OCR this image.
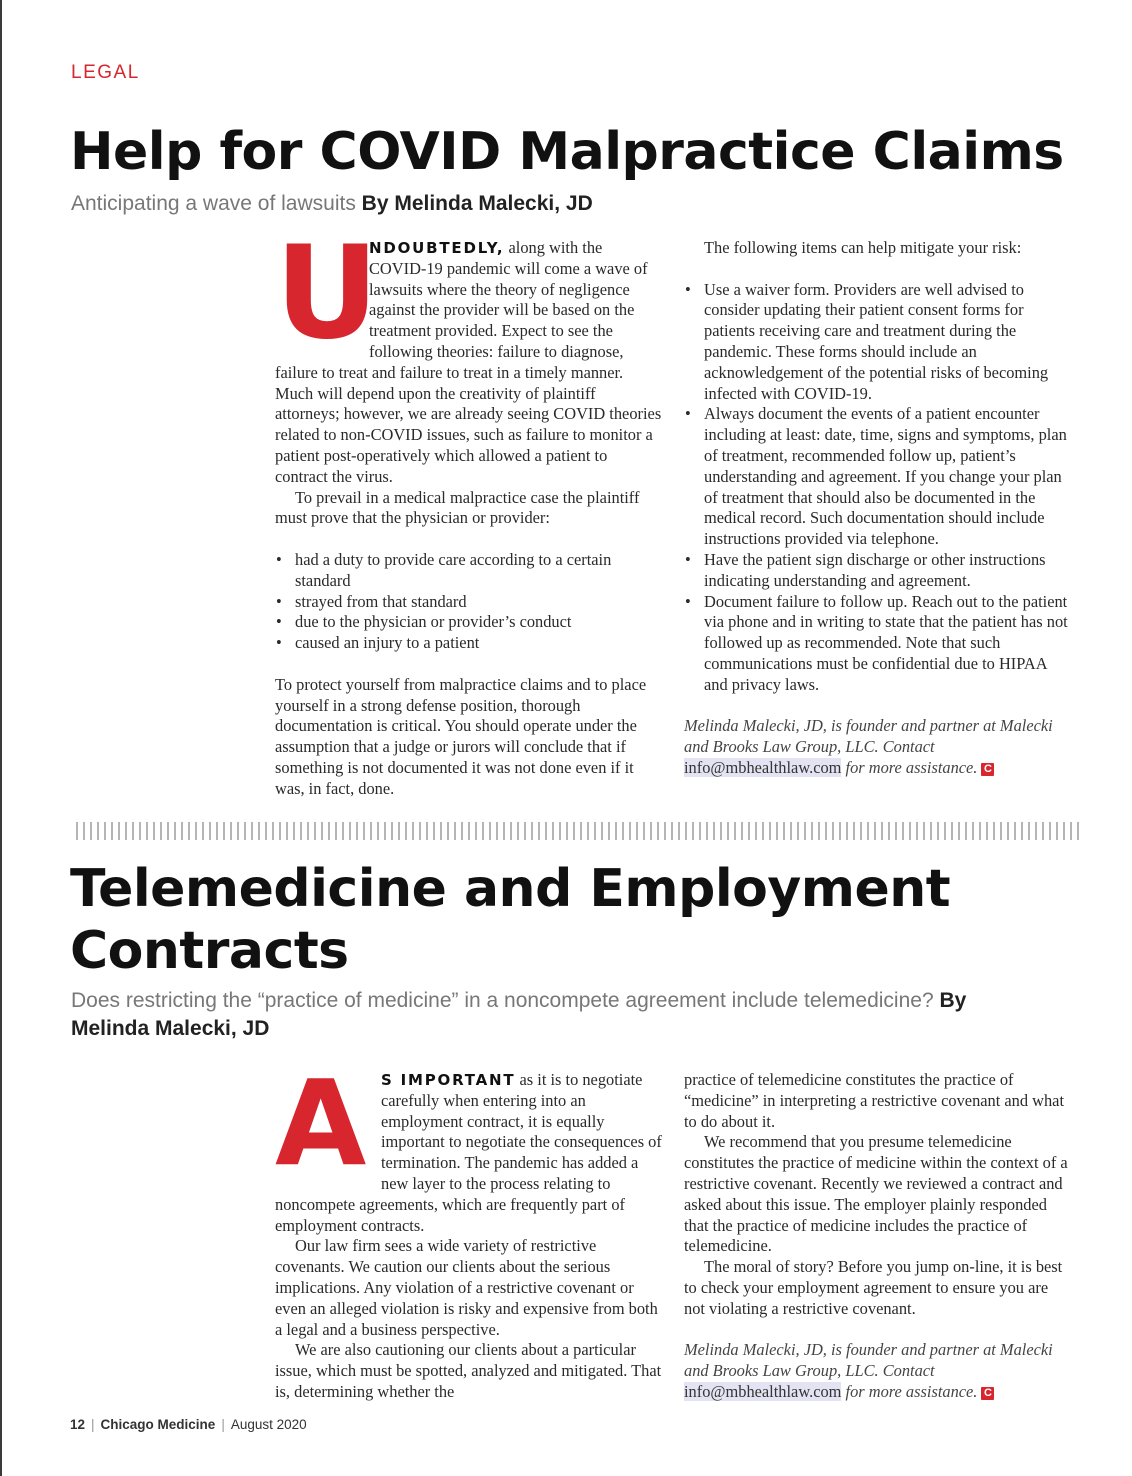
LEGAL
Help for COVID Malpractice Claims
Anticipating a wave of lawsuits By Melinda Malecki, JD

U
NDOUBTEDLY, along with the COVID-19 pandemic will come a wave of lawsuits where the theory of negligence against the provider will be based on the treatment provided. Expect to see the following theories: failure to diagnose, failure to treat and failure to treat in a timely manner. Much will depend upon the creativity of plaintiff attorneys; however, we are already seeing COVID theories related to non-COVID issues, such as failure to monitor a patient post-operatively which allowed a patient to contract the virus.

To prevail in a medical malpractice case the plaintiff must prove that the physician or provider:

• had a duty to provide care according to a certain standard
• strayed from that standard
• due to the physician or provider’s conduct
• caused an injury to a patient

To protect yourself from malpractice claims and to place yourself in a strong defense position, thorough documentation is critical. You should operate under the assumption that a judge or jurors will conclude that if something is not documented it was not done even if it was, in fact, done.

The following items can help mitigate your risk:

• Use a waiver form. Providers are well advised to consider updating their patient consent forms for patients receiving care and treatment during the pandemic. These forms should include an acknowledgement of the potential risks of becoming infected with COVID-19.
• Always document the events of a patient encounter including at least: date, time, signs and symptoms, plan of treatment, recommended follow up, patient’s understanding and agreement. If you change your plan of treatment that should also be documented in the medical record. Such documentation should include instructions provided via telephone.
• Have the patient sign discharge or other instructions indicating understanding and agreement.
• Document failure to follow up. Reach out to the patient via phone and in writing to state that the patient has not followed up as recommended. Note that such communications must be confidential due to HIPAA and privacy laws.

Melinda Malecki, JD, is founder and partner at Malecki and Brooks Law Group, LLC. Contact info@mbhealthlaw.com for more assistance. C

Telemedicine and Employment Contracts
Does restricting the “practice of medicine” in a noncompete agreement include telemedicine? By Melinda Malecki, JD

A S IMPORTANT as it is to negotiate carefully when entering into an employment contract, it is equally important to negotiate the consequences of termination. The pandemic has added a new layer to the process relating to noncompete agreements, which are frequently part of employment contracts.

Our law firm sees a wide variety of restrictive covenants. We caution our clients about the serious implications. Any violation of a restrictive covenant or even an alleged violation is risky and expensive from both a legal and a business perspective.

We are also cautioning our clients about a particular issue, which must be spotted, analyzed and mitigated. That is, determining whether the

practice of telemedicine constitutes the practice of “medicine” in interpreting a restrictive covenant and what to do about it.

We recommend that you presume telemedicine constitutes the practice of medicine within the context of a restrictive covenant. Recently we reviewed a contract and asked about this issue. The employer plainly responded that the practice of medicine includes the practice of telemedicine.

The moral of story? Before you jump on-line, it is best to check your employment agreement to ensure you are not violating a restrictive covenant.

Melinda Malecki, JD, is founder and partner at Malecki and Brooks Law Group, LLC. Contact info@mbhealthlaw.com for more assistance. C

12 | Chicago Medicine | August 2020
